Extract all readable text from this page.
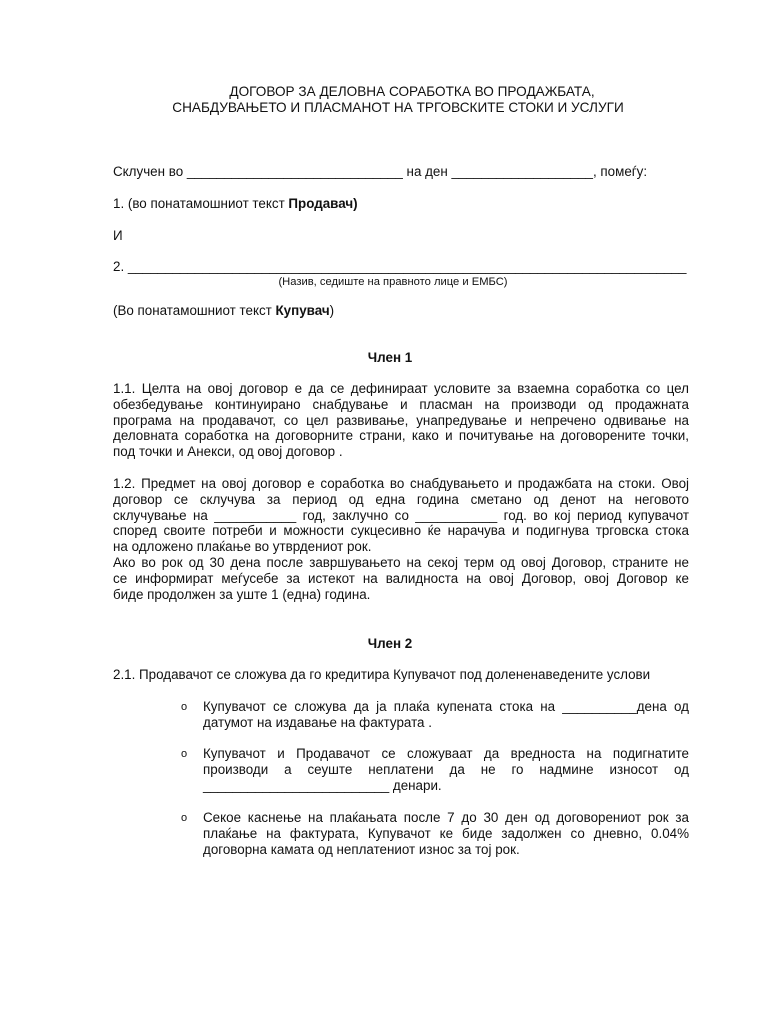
ДОГОВОР ЗА ДЕЛОВНА СОРАБОТКА ВО ПРОДАЖБАТА,
СНАБДУВАЊЕТО И ПЛАСМАНОТ НА ТРГОВСКИТЕ СТОКИ И УСЛУГИ
Склучен во _____________________________ на ден ___________________, помеѓу:
1. (во понатамошниот текст Продавач)
И
2. ___________________________________________________________________________
(Назив, седиште на правното лице и ЕМБС)
(Во понатамошниот текст Купувач)
Член 1
1.1. Целта на овој договор е да се дефинираат условите за взаемна соработка со цел
обезбедување континуирано снабдување и пласман на производи од продажната
програма на продавачот, со цел развивање, унапредување и непречено одвивање на
деловната соработка на договорните страни, како и почитување на договорените точки,
под точки и Анекси, од овој договор .
1.2. Предмет на овој договор е соработка во снабдувањето и продажбата на стоки. Овој
договор се склучува за период од една година сметано од денот на неговото
склучување на ___________ год, заклучно со ___________ год. во кој период купувачот
според своите потреби и можности сукцесивно ќе нарачува и подигнува трговска стока
на одложено плаќање во утврдениот рок.
Ако во рок од 30 дена после завршувањето на секој терм од овој Договор, страните не
се информират меѓусебе за истекот на валидноста на овој Договор, овој Договор ке
биде продолжен за уште 1 (една) година.
Член 2
2.1. Продавачот се сложува да го кредитира Купувачот под долененаведените услови
o Купувачот се сложува да ја плаќа купената стока на __________дена од
датумот на издавање на фактурата .
o Купувачот и Продавачот се сложуваат да вредноста на подигнатите
производи а сеуште неплатени да не го надмине износот од
_________________________ денари.
o Секое каснење на плаќањата после 7 до 30 ден од договорениот рок за
плаќање на фактурата, Купувачот ке биде задолжен со дневно, 0.04%
договорна камата од неплатениот износ за тој рок.
